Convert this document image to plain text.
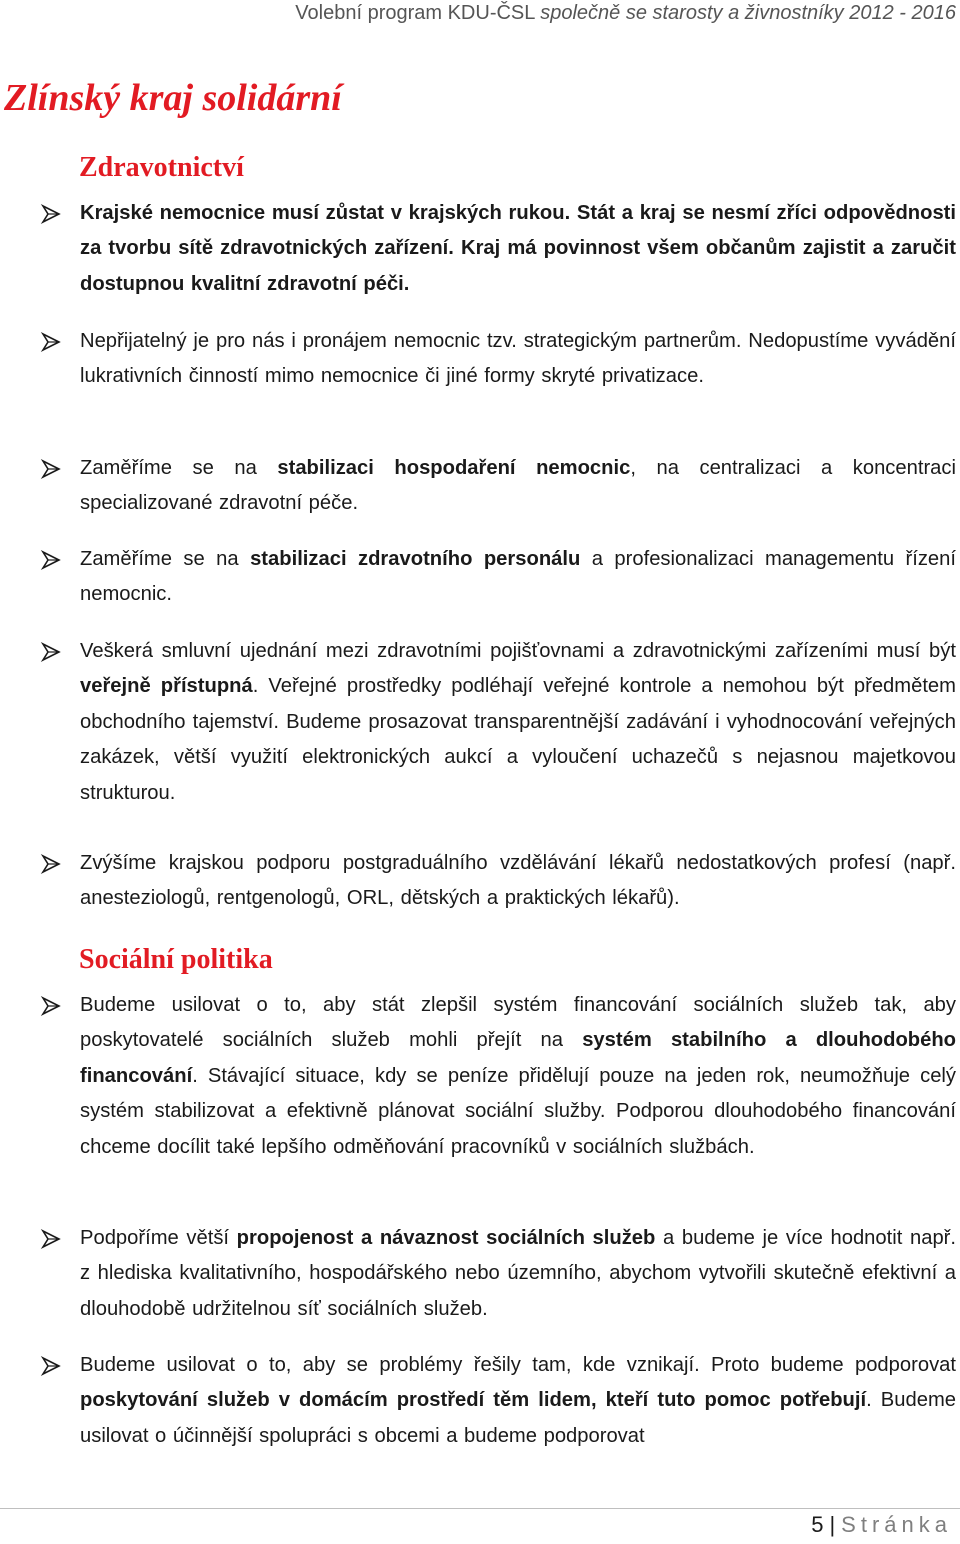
Volební program KDU-ČSL společně se starosty a živnostníky 2012 - 2016
Zlínský kraj solidární
Zdravotnictví

Krajské nemocnice musí zůstat v krajských rukou. Stát a kraj se nesmí zříci odpovědnosti za tvorbu sítě zdravotnických zařízení. Kraj má povinnost všem občanům zajistit a zaručit dostupnou kvalitní zdravotní péči.

Nepřijatelný je pro nás i pronájem nemocnic tzv. strategickým partnerům. Nedopustíme vyvádění lukrativních činností mimo nemocnice či jiné formy skryté privatizace.

Zaměříme se na stabilizaci hospodaření nemocnic, na centralizaci a koncentraci specializované zdravotní péče.

Zaměříme se na stabilizaci zdravotního personálu a profesionalizaci managementu řízení nemocnic.

Veškerá smluvní ujednání mezi zdravotními pojišťovnami a zdravotnickými zařízeními musí být veřejně přístupná. Veřejné prostředky podléhají veřejné kontrole a nemohou být předmětem obchodního tajemství. Budeme prosazovat transparentnější zadávání i vyhodnocování veřejných zakázek, větší využití elektronických aukcí a vyloučení uchazečů s nejasnou majetkovou strukturou.

Zvýšíme krajskou podporu postgraduálního vzdělávání lékařů nedostatkových profesí (např. anesteziologů, rentgenologů, ORL, dětských a praktických lékařů).

Sociální politika

Budeme usilovat o to, aby stát zlepšil systém financování sociálních služeb tak, aby poskytovatelé sociálních služeb mohli přejít na systém stabilního a dlouhodobého financování. Stávající situace, kdy se peníze přidělují pouze na jeden rok, neumožňuje celý systém stabilizovat a efektivně plánovat sociální služby. Podporou dlouhodobého financování chceme docílit také lepšího odměňování pracovníků v sociálních službách.

Podpoříme větší propojenost a návaznost sociálních služeb a budeme je více hodnotit např. z hlediska kvalitativního, hospodářského nebo územního, abychom vytvořili skutečně efektivní a dlouhodobě udržitelnou síť sociálních služeb.

Budeme usilovat o to, aby se problémy řešily tam, kde vznikají. Proto budeme podporovat poskytování služeb v domácím prostředí těm lidem, kteří tuto pomoc potřebují. Budeme usilovat o účinnější spolupráci s obcemi a budeme podporovat

5 | Stránka
